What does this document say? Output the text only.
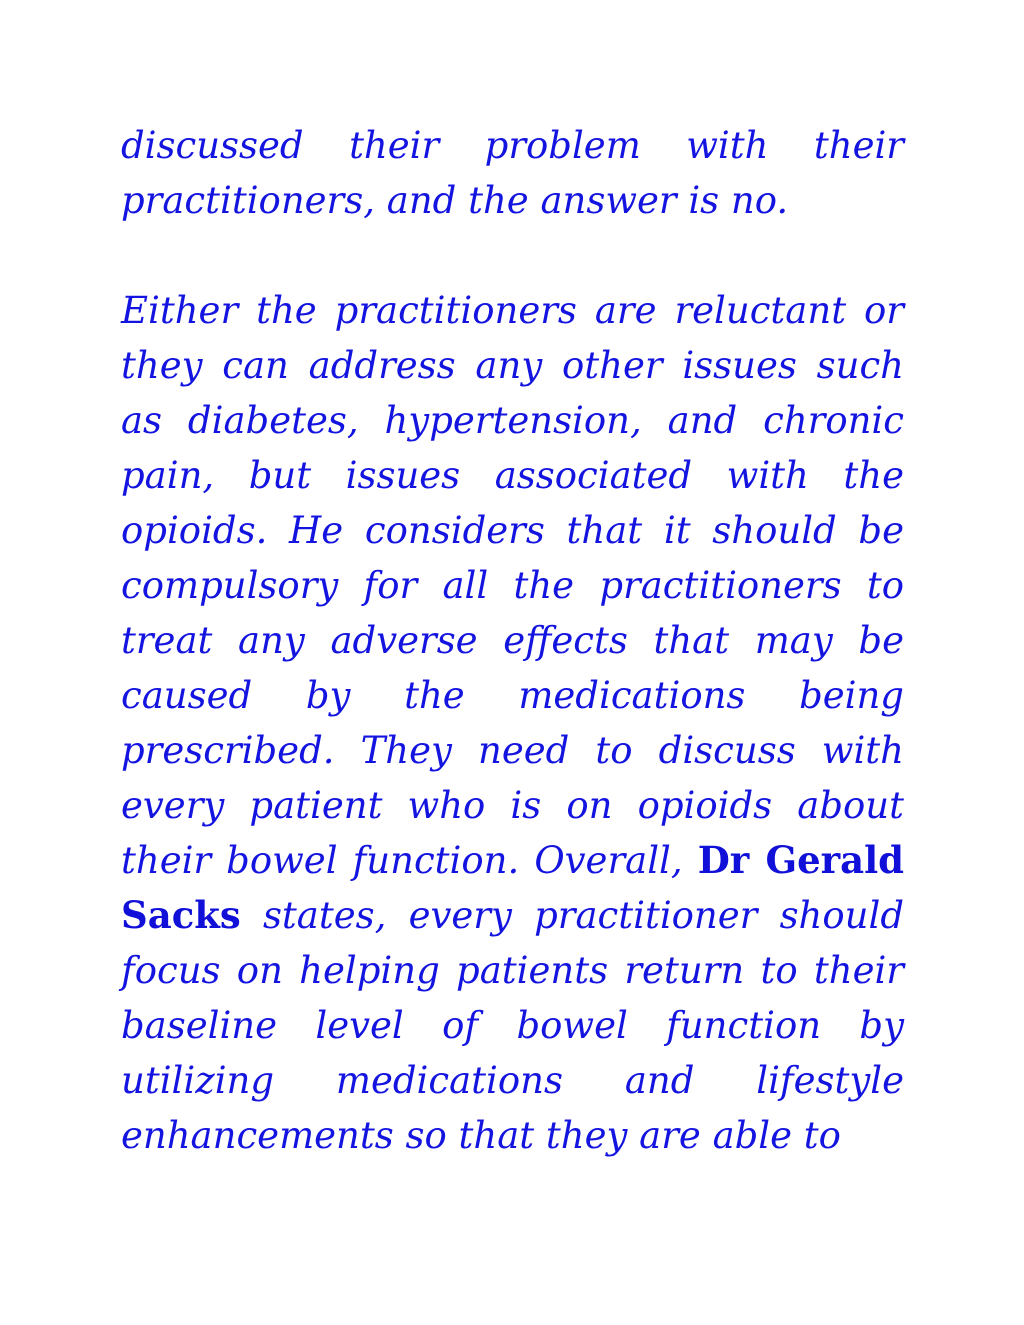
discussed their problem with their practitioners, and the answer is no.

Either the practitioners are reluctant or they can address any other issues such as diabetes, hypertension, and chronic pain, but issues associated with the opioids. He considers that it should be compulsory for all the practitioners to treat any adverse effects that may be caused by the medications being prescribed. They need to discuss with every patient who is on opioids about their bowel function. Overall, Dr Gerald Sacks states, every practitioner should focus on helping patients return to their baseline level of bowel function by utilizing medications and lifestyle enhancements so that they are able to
